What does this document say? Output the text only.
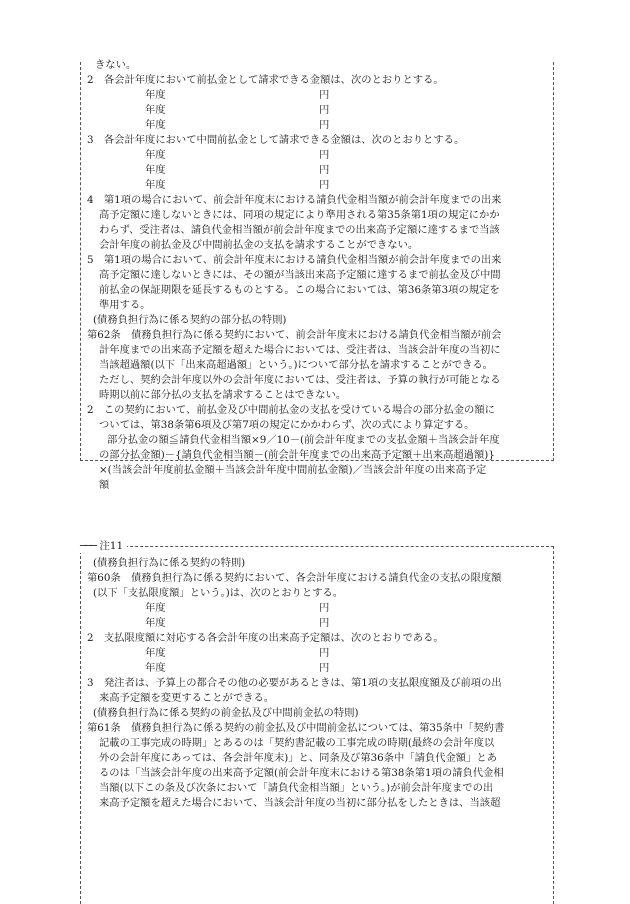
きない。
2　各会計年度において前払金として請求できる金額は、次のとおりとする。
年度	円
年度	円
年度	円
3　各会計年度において中間前払金として請求できる金額は、次のとおりとする。
年度	円
年度	円
年度	円
4　第1項の場合において、前会計年度末における請負代金相当額が前会計年度までの出来
高予定額に達しないときには、同項の規定により準用される第35条第1項の規定にかか
わらず、受注者は、請負代金相当額が前会計年度までの出来高予定額に達するまで当該
会計年度の前払金及び中間前払金の支払を請求することができない。
5　第1項の場合において、前会計年度末における請負代金相当額が前会計年度までの出来
高予定額に達しないときには、その額が当該出来高予定額に達するまで前払金及び中間
前払金の保証期限を延長するものとする。この場合においては、第36条第3項の規定を
準用する。
(債務負担行為に係る契約の部分払の特則)
第62条　債務負担行為に係る契約において、前会計年度末における請負代金相当額が前会
計年度までの出来高予定額を超えた場合においては、受注者は、当該会計年度の当初に
当該超過額(以下「出来高超過額」という。)について部分払を請求することができる。
ただし、契約会計年度以外の会計年度においては、受注者は、予算の執行が可能となる
時期以前に部分払の支払を請求することはできない。
2　この契約において、前払金及び中間前払金の支払を受けている場合の部分払金の額に
ついては、第38条第6項及び第7項の規定にかかわらず、次の式により算定する。
部分払金の額≦請負代金相当額×9／10－(前会計年度までの支払金額＋当該会計年度
の部分払金額)－{請負代金相当額－(前会計年度までの出来高予定額＋出来高超過額)}
×(当該会計年度前払金額＋当該会計年度中間前払金額)／当該会計年度の出来高予定
額
─── 注11
(債務負担行為に係る契約の特則)
第60条　債務負担行為に係る契約において、各会計年度における請負代金の支払の限度額
(以下「支払限度額」という。)は、次のとおりとする。
年度	円
年度	円
2　支払限度額に対応する各会計年度の出来高予定額は、次のとおりである。
年度	円
年度	円
3　発注者は、予算上の都合その他の必要があるときは、第1項の支払限度額及び前項の出
来高予定額を変更することができる。
(債務負担行為に係る契約の前金払及び中間前金払の特則)
第61条　債務負担行為に係る契約の前金払及び中間前金払については、第35条中「契約書
記載の工事完成の時期」とあるのは「契約書記載の工事完成の時期(最終の会計年度以
外の会計年度にあっては、各会計年度末)」と、同条及び第36条中「請負代金額」とあ
るのは「当該会計年度の出来高予定額(前会計年度末における第38条第1項の請負代金相
当額(以下この条及び次条において「請負代金相当額」という。)が前会計年度までの出
来高予定額を超えた場合において、当該会計年度の当初に部分払をしたときは、当該超
